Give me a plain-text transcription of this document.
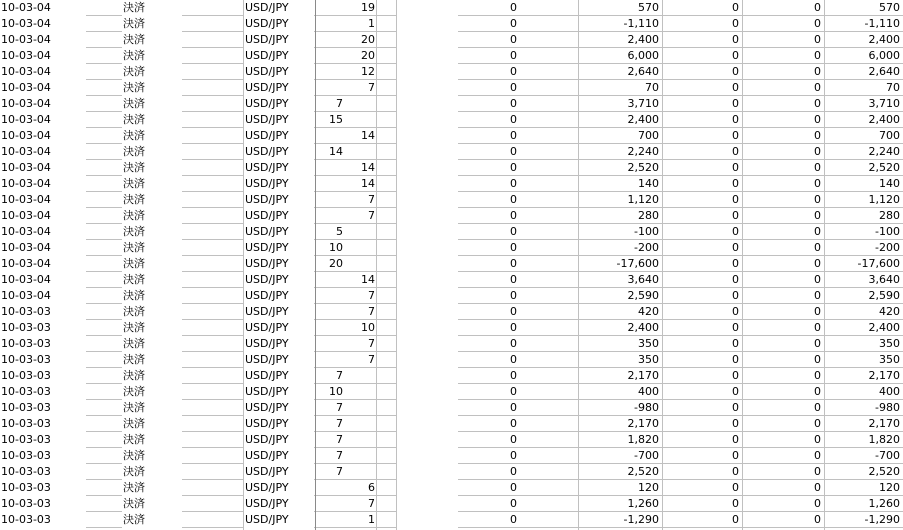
10-03-04	決済	USD/JPY	19	0	570	0	0	570
10-03-04	決済	USD/JPY	1	0	-1,110	0	0	-1,110
10-03-04	決済	USD/JPY	20	0	2,400	0	0	2,400
10-03-04	決済	USD/JPY	20	0	6,000	0	0	6,000
10-03-04	決済	USD/JPY	12	0	2,640	0	0	2,640
10-03-04	決済	USD/JPY	7	0	70	0	0	70
10-03-04	決済	USD/JPY	7	0	3,710	0	0	3,710
10-03-04	決済	USD/JPY	15	0	2,400	0	0	2,400
10-03-04	決済	USD/JPY	14	0	700	0	0	700
10-03-04	決済	USD/JPY	14	0	2,240	0	0	2,240
10-03-04	決済	USD/JPY	14	0	2,520	0	0	2,520
10-03-04	決済	USD/JPY	14	0	140	0	0	140
10-03-04	決済	USD/JPY	7	0	1,120	0	0	1,120
10-03-04	決済	USD/JPY	7	0	280	0	0	280
10-03-04	決済	USD/JPY	5	0	-100	0	0	-100
10-03-04	決済	USD/JPY	10	0	-200	0	0	-200
10-03-04	決済	USD/JPY	20	0	-17,600	0	0	-17,600
10-03-04	決済	USD/JPY	14	0	3,640	0	0	3,640
10-03-04	決済	USD/JPY	7	0	2,590	0	0	2,590
10-03-03	決済	USD/JPY	7	0	420	0	0	420
10-03-03	決済	USD/JPY	10	0	2,400	0	0	2,400
10-03-03	決済	USD/JPY	7	0	350	0	0	350
10-03-03	決済	USD/JPY	7	0	350	0	0	350
10-03-03	決済	USD/JPY	7	0	2,170	0	0	2,170
10-03-03	決済	USD/JPY	10	0	400	0	0	400
10-03-03	決済	USD/JPY	7	0	-980	0	0	-980
10-03-03	決済	USD/JPY	7	0	2,170	0	0	2,170
10-03-03	決済	USD/JPY	7	0	1,820	0	0	1,820
10-03-03	決済	USD/JPY	7	0	-700	0	0	-700
10-03-03	決済	USD/JPY	7	0	2,520	0	0	2,520
10-03-03	決済	USD/JPY	6	0	120	0	0	120
10-03-03	決済	USD/JPY	7	0	1,260	0	0	1,260
10-03-03	決済	USD/JPY	1	0	-1,290	0	0	-1,290
